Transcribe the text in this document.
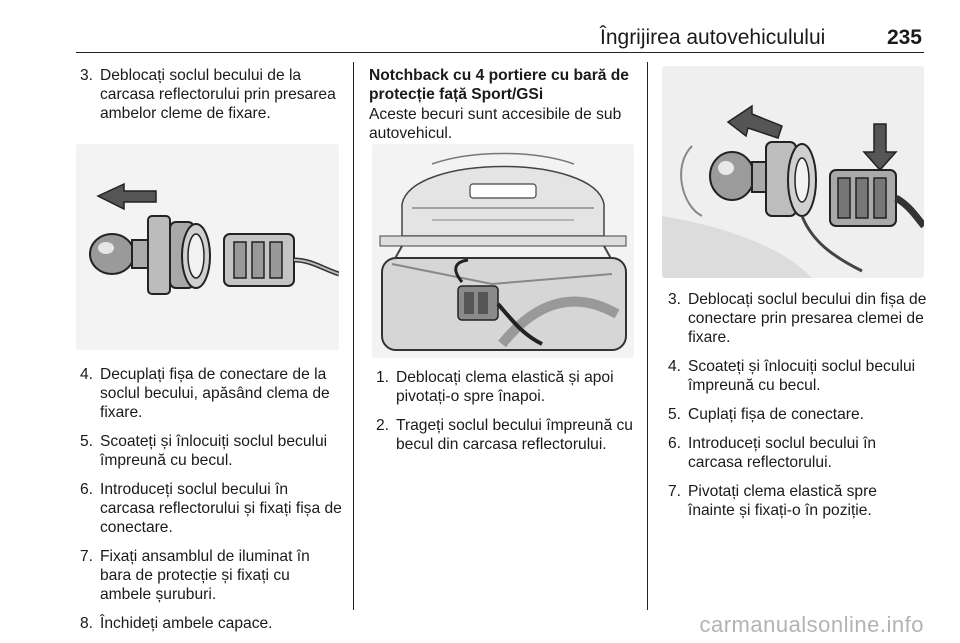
Îngrijirea autovehiculului	235
3. Deblocați soclul becului de la carcasa reflectorului prin presarea ambelor cleme de fixare.
4. Decuplați fișa de conectare de la soclul becului, apăsând clema de fixare.
5. Scoateți și înlocuiți soclul becului împreună cu becul.
6. Introduceți soclul becului în carcasa reflectorului și fixați fișa de conectare.
7. Fixați ansamblul de iluminat în bara de protecție și fixați cu ambele șuruburi.
8. Închideți ambele capace.
Notchback cu 4 portiere cu bară de protecție față Sport/GSi
Aceste becuri sunt accesibile de sub autovehicul.
1. Deblocați clema elastică și apoi pivotați-o spre înapoi.
2. Trageți soclul becului împreună cu becul din carcasa reflectorului.
3. Deblocați soclul becului din fișa de conectare prin presarea clemei de fixare.
4. Scoateți și înlocuiți soclul becului împreună cu becul.
5. Cuplați fișa de conectare.
6. Introduceți soclul becului în carcasa reflectorului.
7. Pivotați clema elastică spre înainte și fixați-o în poziție.
carmanualsonline.info
